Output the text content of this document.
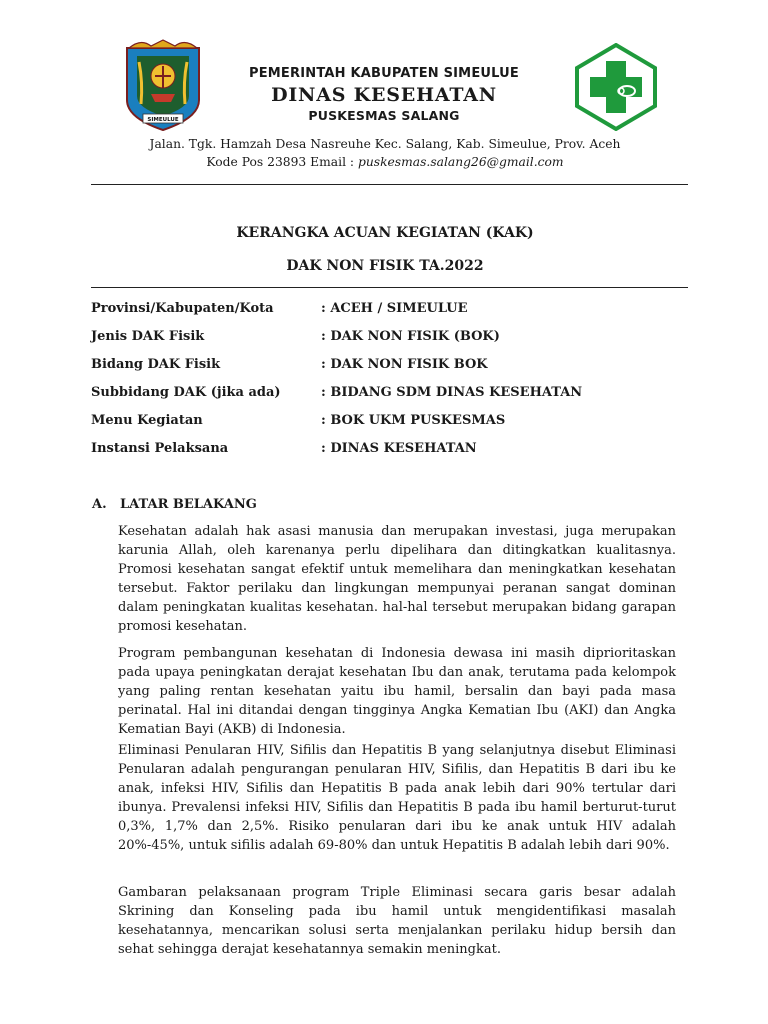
SIMEULUE
PEMERINTAH KABUPATEN SIMEULUE
DINAS KESEHATAN
PUSKESMAS SALANG
Jalan. Tgk. Hamzah Desa Nasreuhe Kec. Salang, Kab. Simeulue, Prov. Aceh
Kode Pos 23893 Email : puskesmas.salang26@gmail.com
KERANGKA ACUAN KEGIATAN (KAK)
DAK NON FISIK TA.2022
Provinsi/Kabupaten/Kota	: ACEH / SIMEULUE
Jenis DAK Fisik	: DAK NON FISIK (BOK)
Bidang DAK Fisik	: DAK NON FISIK BOK
Subbidang DAK (jika ada)	: BIDANG SDM DINAS KESEHATAN
Menu Kegiatan	: BOK UKM PUSKESMAS
Instansi Pelaksana	: DINAS KESEHATAN
A. LATAR BELAKANG

Kesehatan adalah hak asasi manusia dan merupakan investasi, juga merupakan karunia Allah, oleh karenanya perlu dipelihara dan ditingkatkan kualitasnya. Promosi kesehatan sangat efektif untuk memelihara dan meningkatkan kesehatan tersebut. Faktor perilaku dan lingkungan mempunyai peranan sangat dominan dalam peningkatan kualitas kesehatan. hal-hal tersebut merupakan bidang garapan promosi kesehatan.

Program pembangunan kesehatan di Indonesia dewasa ini masih diprioritaskan pada upaya peningkatan derajat kesehatan Ibu dan anak, terutama pada kelompok yang paling rentan kesehatan yaitu ibu hamil, bersalin dan bayi pada masa perinatal. Hal ini ditandai dengan tingginya Angka Kematian Ibu (AKI) dan Angka Kematian Bayi (AKB) di Indonesia.

Eliminasi Penularan HIV, Sifilis dan Hepatitis B yang selanjutnya disebut Eliminasi Penularan adalah pengurangan penularan HIV, Sifilis, dan Hepatitis B dari ibu ke anak, infeksi HIV, Sifilis dan Hepatitis B pada anak lebih dari 90% tertular dari ibunya. Prevalensi infeksi HIV, Sifilis dan Hepatitis B pada ibu hamil berturut-turut 0,3%, 1,7% dan 2,5%. Risiko penularan dari ibu ke anak untuk HIV adalah 20%-45%, untuk sifilis adalah 69-80% dan untuk Hepatitis B adalah lebih dari 90%.

Gambaran pelaksanaan program Triple Eliminasi secara garis besar adalah Skrining dan Konseling pada ibu hamil untuk mengidentifikasi masalah kesehatannya, mencarikan solusi serta menjalankan perilaku hidup bersih dan sehat sehingga derajat kesehatannya semakin meningkat.
